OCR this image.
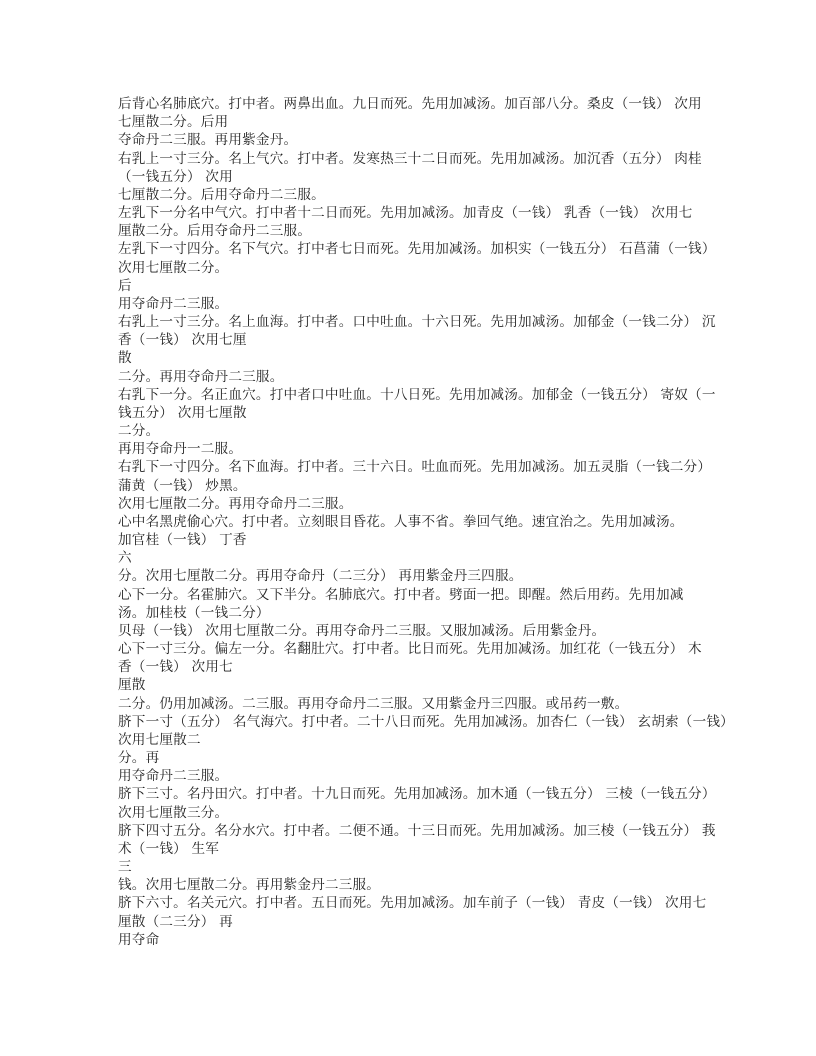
后背心名肺底穴。打中者。两鼻出血。九日而死。先用加减汤。加百部八分。桑皮（一钱） 次用
七厘散二分。后用
夺命丹二三服。再用紫金丹。
右乳上一寸三分。名上气穴。打中者。发寒热三十二日而死。先用加减汤。加沉香（五分） 肉桂
（一钱五分） 次用
七厘散二分。后用夺命丹二三服。
左乳下一分名中气穴。打中者十二日而死。先用加减汤。加青皮（一钱） 乳香（一钱） 次用七
厘散二分。后用夺命丹二三服。
左乳下一寸四分。名下气穴。打中者七日而死。先用加减汤。加枳实（一钱五分） 石菖蒲（一钱）
次用七厘散二分。
后
用夺命丹二三服。
右乳上一寸三分。名上血海。打中者。口中吐血。十六日死。先用加减汤。加郁金（一钱二分） 沉
香（一钱） 次用七厘
散
二分。再用夺命丹二三服。
右乳下一分。名正血穴。打中者口中吐血。十八日死。先用加减汤。加郁金（一钱五分） 寄奴（一
钱五分） 次用七厘散
二分。
再用夺命丹一二服。
右乳下一寸四分。名下血海。打中者。三十六日。吐血而死。先用加减汤。加五灵脂（一钱二分）
蒲黄（一钱） 炒黑。
次用七厘散二分。再用夺命丹二三服。
心中名黑虎偷心穴。打中者。立刻眼目昏花。人事不省。拳回气绝。速宜治之。先用加减汤。
加官桂（一钱） 丁香
六
分。次用七厘散二分。再用夺命丹（二三分） 再用紫金丹三四服。
心下一分。名霍肺穴。又下半分。名肺底穴。打中者。劈面一把。即醒。然后用药。先用加减
汤。加桂枝（一钱二分）
贝母（一钱） 次用七厘散二分。再用夺命丹二三服。又服加减汤。后用紫金丹。
心下一寸三分。偏左一分。名翻肚穴。打中者。比日而死。先用加减汤。加红花（一钱五分） 木
香（一钱） 次用七
厘散
二分。仍用加减汤。二三服。再用夺命丹二三服。又用紫金丹三四服。或吊药一敷。
脐下一寸（五分） 名气海穴。打中者。二十八日而死。先用加减汤。加杏仁（一钱） 玄胡索（一钱）
次用七厘散二
分。再
用夺命丹二三服。
脐下三寸。名丹田穴。打中者。十九日而死。先用加减汤。加木通（一钱五分） 三棱（一钱五分）
次用七厘散三分。
脐下四寸五分。名分水穴。打中者。二便不通。十三日而死。先用加减汤。加三棱（一钱五分） 莪
术（一钱） 生军
三
钱。次用七厘散二分。再用紫金丹二三服。
脐下六寸。名关元穴。打中者。五日而死。先用加减汤。加车前子（一钱） 青皮（一钱） 次用七
厘散（二三分） 再
用夺命
